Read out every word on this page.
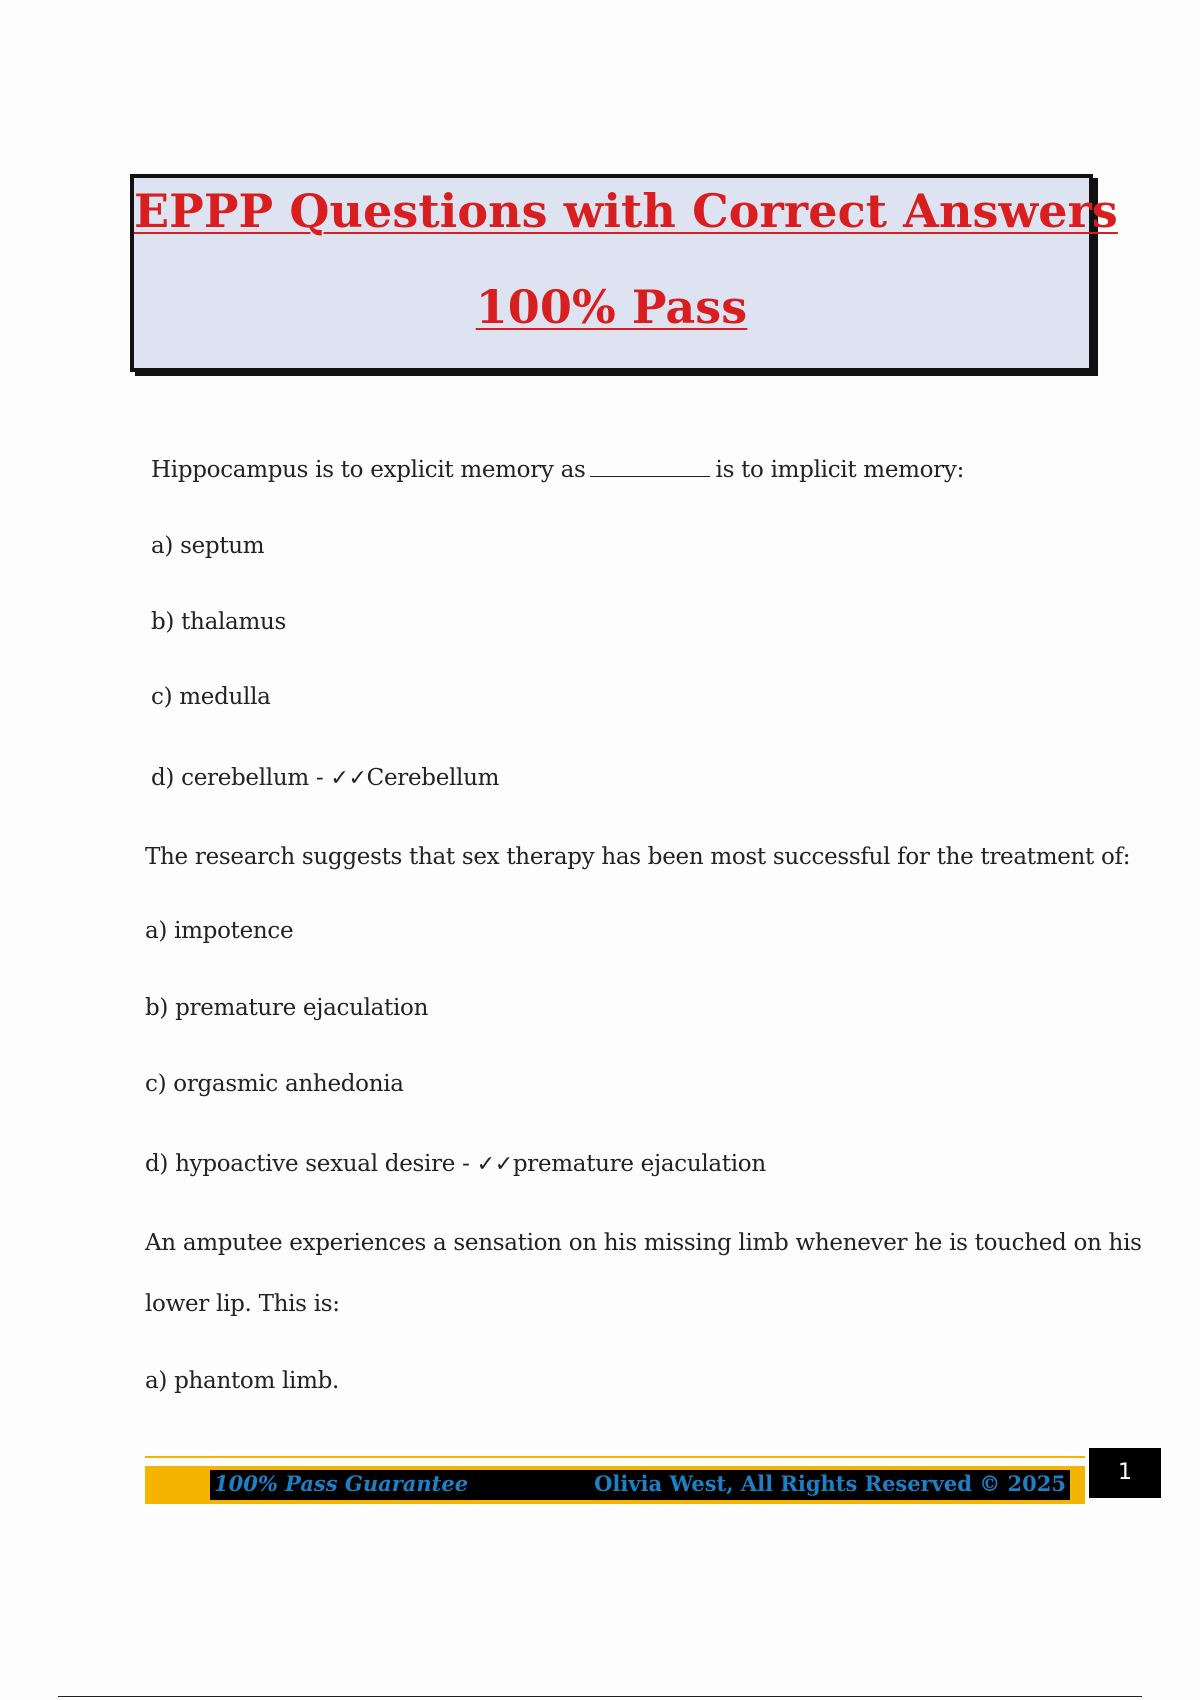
EPPP Questions with Correct Answers
100% Pass
Hippocampus is to explicit memory as	is to implicit memory:
a) septum
b) thalamus
c) medulla
d) cerebellum - ✓✓Cerebellum
The research suggests that sex therapy has been most successful for the treatment of:
a) impotence
b) premature ejaculation
c) orgasmic anhedonia
d) hypoactive sexual desire - ✓✓premature ejaculation
An amputee experiences a sensation on his missing limb whenever he is touched on his
lower lip. This is:
a) phantom limb.
100% Pass Guarantee	Olivia West, All Rights Reserved © 2025	1
